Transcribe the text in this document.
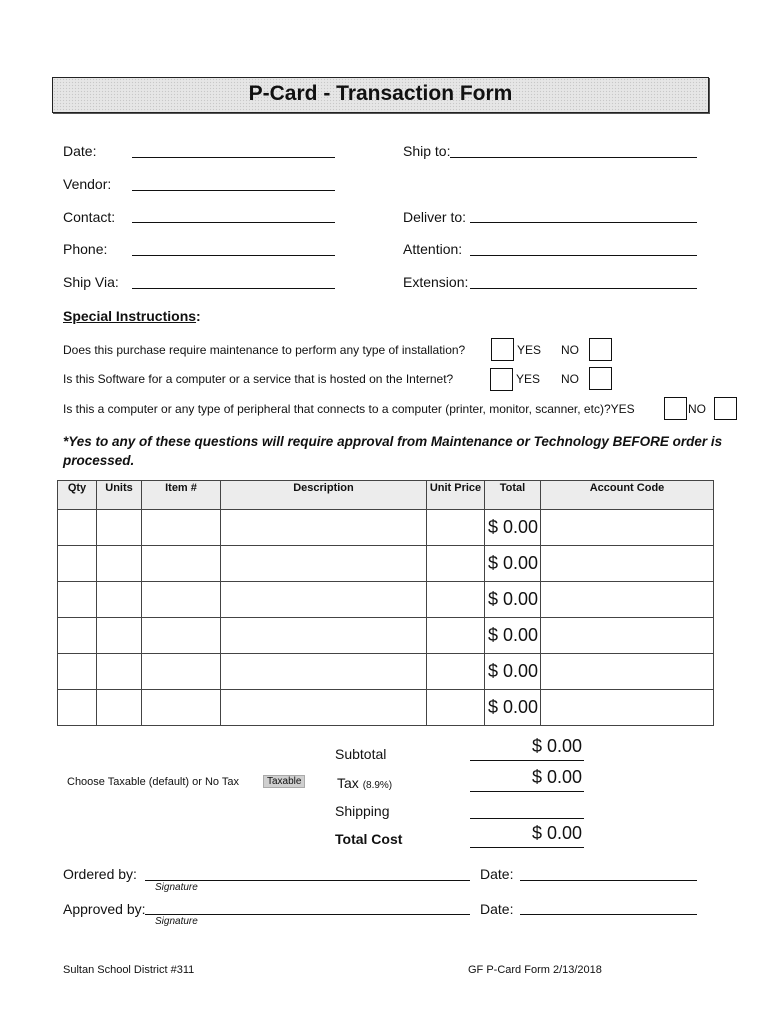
P-Card - Transaction Form
Date:
Vendor:
Contact:
Phone:
Ship Via:
Ship to:
Deliver to:
Attention:
Extension:
Special Instructions:
Does this purchase require maintenance to perform any type of installation?	YES NO
Is this Software for a computer or a service that is hosted on the Internet?	YES NO
Is this a computer or any type of peripheral that connects to a computer (printer, monitor, scanner, etc)?YES	NO
*Yes to any of these questions will require approval from Maintenance or Technology BEFORE order is processed.
Qty	Units	Item #	Description	Unit Price	Total	Account Code
					$ 0.00	
					$ 0.00	
					$ 0.00	
					$ 0.00	
					$ 0.00	
					$ 0.00	
Subtotal	$ 0.00
Choose Taxable (default) or No Tax	Taxable	Tax (8.9%)	$ 0.00
Shipping
Total Cost	$ 0.00
Ordered by:
Signature
Date:
Approved by:
Signature
Date:
Sultan School District #311	GF P-Card Form 2/13/2018
